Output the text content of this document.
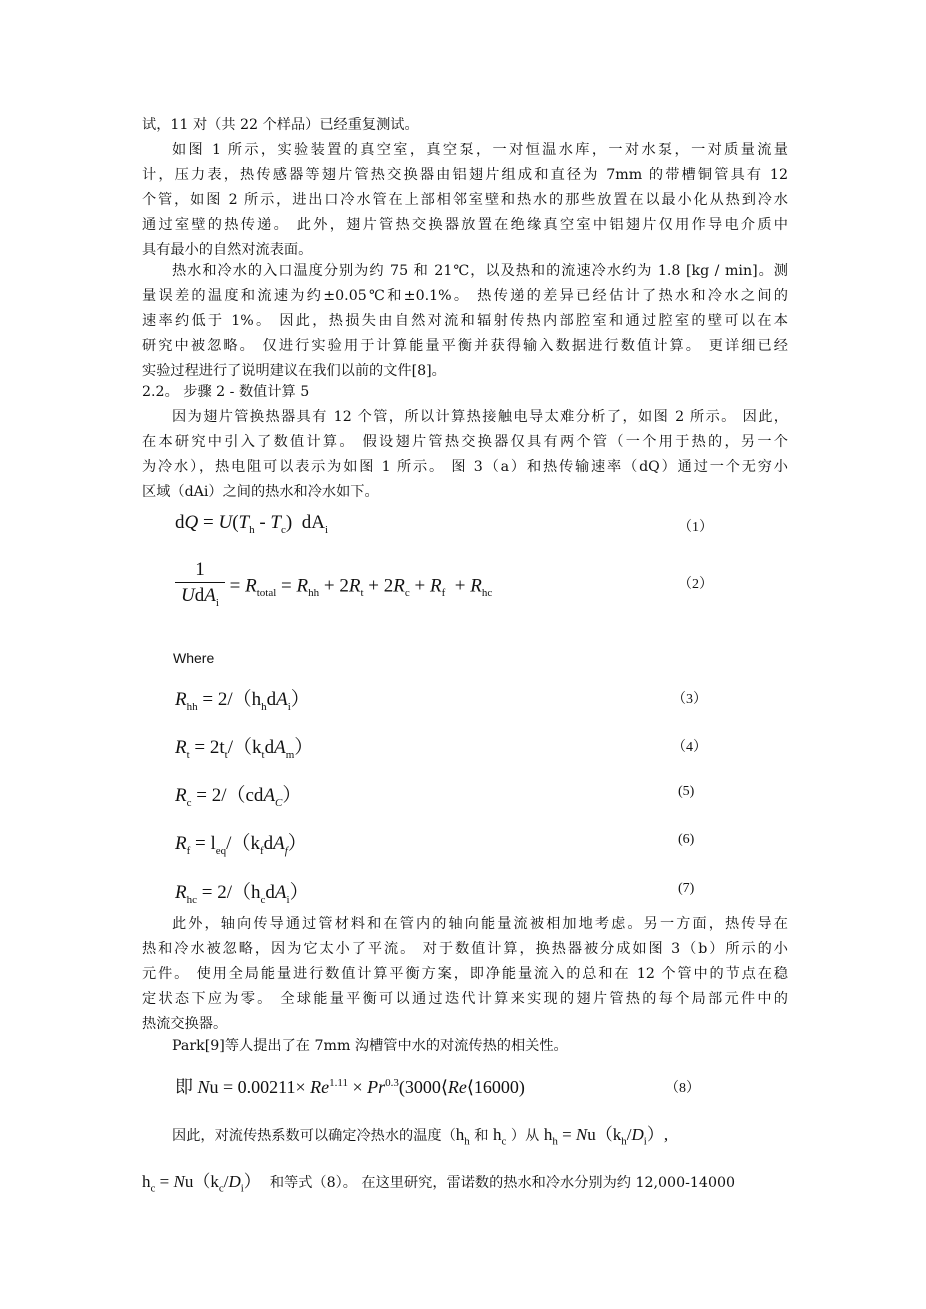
试，11 对（共 22 个样品）已经重复测试。

如图 1 所示，实验装置的真空室，真空泵，一对恒温水库，一对水泵，一对质量流量
计，压力表，热传感器等翅片管热交换器由铝翅片组成和直径为 7mm 的带槽铜管具有 12
个管，如图 2 所示，进出口冷水管在上部相邻室壁和热水的那些放置在以最小化从热到冷水
通过室壁的热传递。 此外，翅片管热交换器放置在绝缘真空室中铝翅片仅用作导电介质中
具有最小的自然对流表面。

热水和冷水的入口温度分别为约 75 和 21℃，以及热和的流速冷水约为 1.8 [kg / min]。测
量误差的温度和流速为约±0.05℃和±0.1%。 热传递的差异已经估计了热水和冷水之间的
速率约低于 1%。 因此，热损失由自然对流和辐射传热内部腔室和通过腔室的壁可以在本
研究中被忽略。 仅进行实验用于计算能量平衡并获得输入数据进行数值计算。 更详细已经
实验过程进行了说明建议在我们以前的文件[8]。

2.2。 步骤 2 - 数值计算 5

因为翅片管换热器具有 12 个管，所以计算热接触电导太难分析了，如图 2 所示。 因此，
在本研究中引入了数值计算。 假设翅片管热交换器仅具有两个管（一个用于热的，另一个
为冷水），热电阻可以表示为如图 1 所示。 图 3（a）和热传输速率（dQ）通过一个无穷小
区域（dAi）之间的热水和冷水如下。

dQ = $U(T_h - T_c)$  $dA_i$	（1）
$\frac{1}{UdA_i} = R_{total} = R_{hh} + 2R_t + 2R_c + R_f + R_{hc}$
（2）
Where
$R_{hh} = 2/(h_hdA_i)$	（3）
$R_t = 2t_t/(k_tdA_m)$	（4）
$R_c = 2/(cdA_C)$	(5)
$R_f = l_{eq}/(k_fdA_f)$	(6)
$R_{hc} = 2/(h_cdA_i)$	(7)

此外，轴向传导通过管材料和在管内的轴向能量流被相加地考虑。另一方面，热传导在
热和冷水被忽略，因为它太小了平流。 对于数值计算，换热器被分成如图 3（b）所示的小
元件。 使用全局能量进行数值计算平衡方案，即净能量流入的总和在 12 个管中的节点在稳
定状态下应为零。 全球能量平衡可以通过迭代计算来实现的翅片管热的每个局部元件中的
热流交换器。

Park[9]等人提出了在 7mm 沟槽管中水的对流传热的相关性。

即 $Nu = 0.00211\times Re^{1.11}$ × $Pr^{0.3}(3000⟨Re⟨16000)$	（8）
因此，对流传热系数可以确定冷热水的温度（$h_h$ 和 $h_c$ ）从 $h_h = Nu(k_h/D_i)$,
$h_c = Nu(k_c/D_i)$ 和等式（8）。 在这里研究，雷诺数的热水和冷水分别为约 12,000-14000
